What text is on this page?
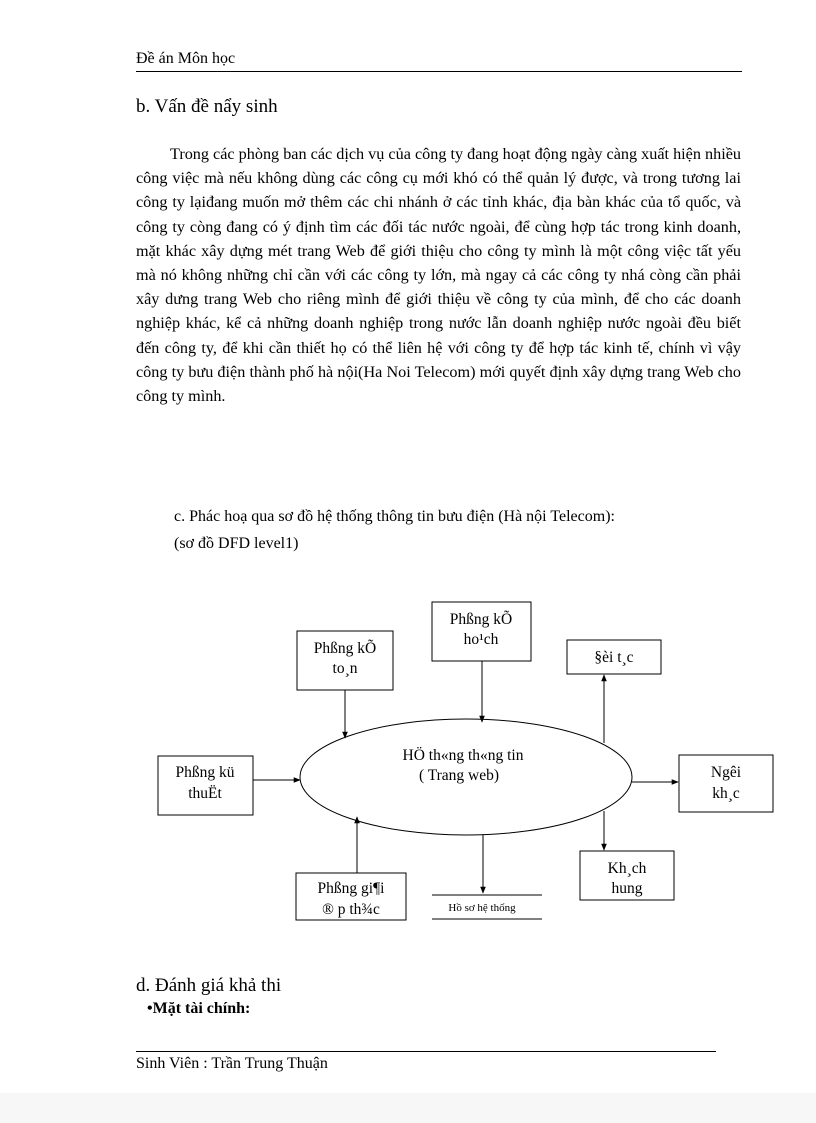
Đề án Môn học
b. Vấn đề nẩy sinh

Trong các phòng ban các dịch vụ của công ty đang hoạt động ngày càng xuất hiện nhiều công việc mà nếu không dùng các công cụ mới khó có thể quản lý được, và trong tương lai công ty lạiđang muốn mở thêm các chi nhánh ở các tỉnh khác, địa bàn khác của tổ quốc, và công ty còng đang có ý định tìm các đối tác nước ngoài, để cùng hợp tác trong kinh doanh, mặt khác xây dựng mét trang Web để giới thiệu cho công ty mình là một công việc tất yếu mà nó không những chỉ cần với các công ty lớn, mà ngay cả các công ty nhá còng cần phải xây dưng trang Web cho riêng mình để giới thiệu về công ty của mình, để cho các doanh nghiệp khác, kể cả những doanh nghiệp trong nước lẫn doanh nghiệp nước ngoài đều biết đến công ty, để khi cần thiết họ có thể liên hệ với công ty để hợp tác kinh tế, chính vì vậy công ty bưu điện thành phố hà nội(Ha Noi Telecom) mới quyết định xây dựng trang Web cho công ty mình.

c. Phác hoạ qua sơ đồ hệ thống thông tin bưu điện (Hà nội Telecom):
(sơ đồ DFD level1)
HÖ th«ng th«ng tin
( Trang web)
Phßng kÕ
ho¹ch
Phßng kÕ
to¸n
Phßng kü
thuËt
Phßng gi¶i
® p th¾c
§èi t¸c
Ngêi
kh¸c
Kh¸ch
hung
Hồ sơ hệ thống
d. Đánh giá khả thi
•Mặt tài chính:
Sinh Viên : Trần Trung Thuận
